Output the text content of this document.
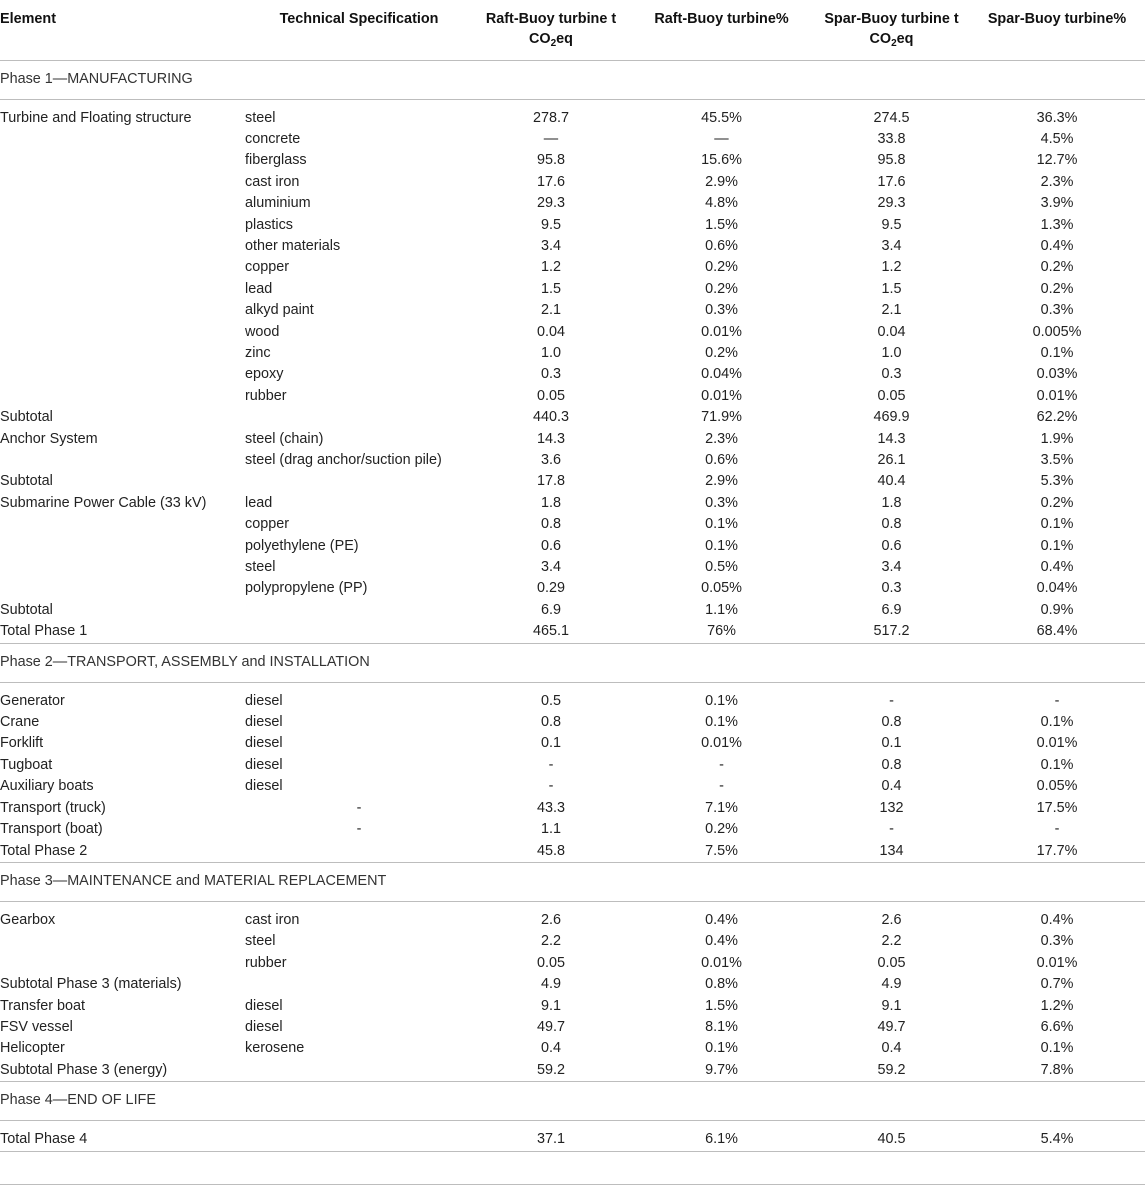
Element	Technical Specification	Raft-Buoy turbine t $CO_2eq$	Raft-Buoy turbine%	Spar-Buoy turbine t $CO_2eq$	Spar-Buoy turbine%
Phase 1—MANUFACTURING					

Turbine and Floating structure	steel	278.7	45.5%	274.5	36.3%
	concrete	—	—	33.8	4.5%
	fiberglass	95.8	15.6%	95.8	12.7%
	cast iron	17.6	2.9%	17.6	2.3%
	aluminium	29.3	4.8%	29.3	3.9%
	plastics	9.5	1.5%	9.5	1.3%
	other materials	3.4	0.6%	3.4	0.4%
	copper	1.2	0.2%	1.2	0.2%
	lead	1.5	0.2%	1.5	0.2%
	alkyd paint	2.1	0.3%	2.1	0.3%
	wood	0.04	0.01%	0.04	0.005%
	zinc	1.0	0.2%	1.0	0.1%
	epoxy	0.3	0.04%	0.3	0.03%
	rubber	0.05	0.01%	0.05	0.01%
Subtotal		440.3	71.9%	469.9	62.2%
Anchor System	steel (chain)	14.3	2.3%	14.3	1.9%
	steel (drag anchor/suction pile)	3.6	0.6%	26.1	3.5%
Subtotal		17.8	2.9%	40.4	5.3%
Submarine Power Cable (33 kV)	lead	1.8	0.3%	1.8	0.2%
	copper	0.8	0.1%	0.8	0.1%
	polyethylene (PE)	0.6	0.1%	0.6	0.1%
	steel	3.4	0.5%	3.4	0.4%
	polypropylene (PP)	0.29	0.05%	0.3	0.04%
Subtotal		6.9	1.1%	6.9	0.9%
Total Phase 1		465.1	76%	517.2	68.4%
Phase 2—TRANSPORT, ASSEMBLY and INSTALLATION					

Generator	diesel	0.5	0.1%	-	-
Crane	diesel	0.8	0.1%	0.8	0.1%
Forklift	diesel	0.1	0.01%	0.1	0.01%
Tugboat	diesel	-	-	0.8	0.1%
Auxiliary boats	diesel	-	-	0.4	0.05%
Transport (truck)	-	43.3	7.1%	132	17.5%
Transport (boat)	-	1.1	0.2%	-	-
Total Phase 2		45.8	7.5%	134	17.7%
Phase 3—MAINTENANCE and MATERIAL REPLACEMENT					

Gearbox	cast iron	2.6	0.4%	2.6	0.4%
	steel	2.2	0.4%	2.2	0.3%
	rubber	0.05	0.01%	0.05	0.01%
Subtotal Phase 3 (materials)		4.9	0.8%	4.9	0.7%
Transfer boat	diesel	9.1	1.5%	9.1	1.2%
FSV vessel	diesel	49.7	8.1%	49.7	6.6%
Helicopter	kerosene	0.4	0.1%	0.4	0.1%
Subtotal Phase 3 (energy)		59.2	9.7%	59.2	7.8%
Phase 4—END OF LIFE					

Total Phase 4		37.1	6.1%	40.5	5.4%
